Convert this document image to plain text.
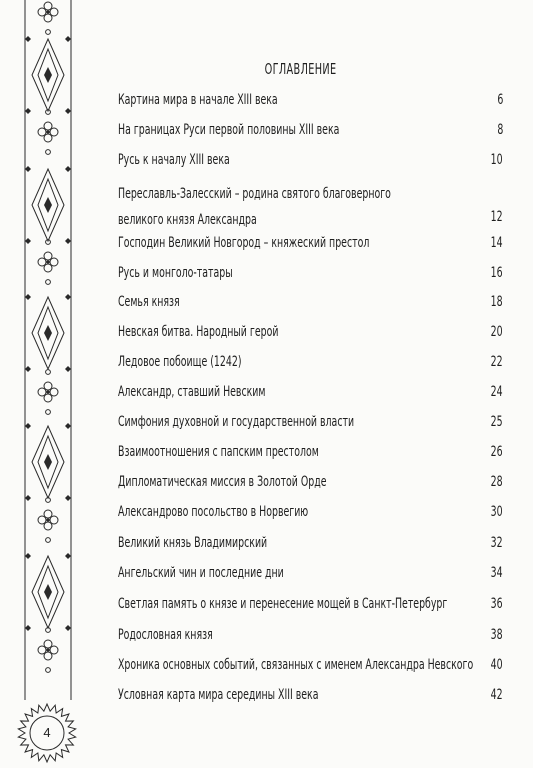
ОГЛАВЛЕНИЕ
Картина мира в начале XIII века	6
На границах Руси первой половины XIII века	8
Русь к началу XIII века	10
Переславль-Залесский – родина святого благоверного
великого князя Александра	12
Господин Великий Новгород – княжеский престол	14
Русь и монголо-татары	16
Семья князя	18
Невская битва. Народный герой	20
Ледовое побоище (1242)	22
Александр, ставший Невским	24
Симфония духовной и государственной власти	25
Взаимоотношения с папским престолом	26
Дипломатическая миссия в Золотой Орде	28
Александрово посольство в Норвегию	30
Великий князь Владимирский	32
Ангельский чин и последние дни	34
Светлая память о князе и перенесение мощей в Санкт-Петербург	36
Родословная князя	38
Хроника основных событий, связанных с именем Александра Невского 40
Условная карта мира середины XIII века	42
4
